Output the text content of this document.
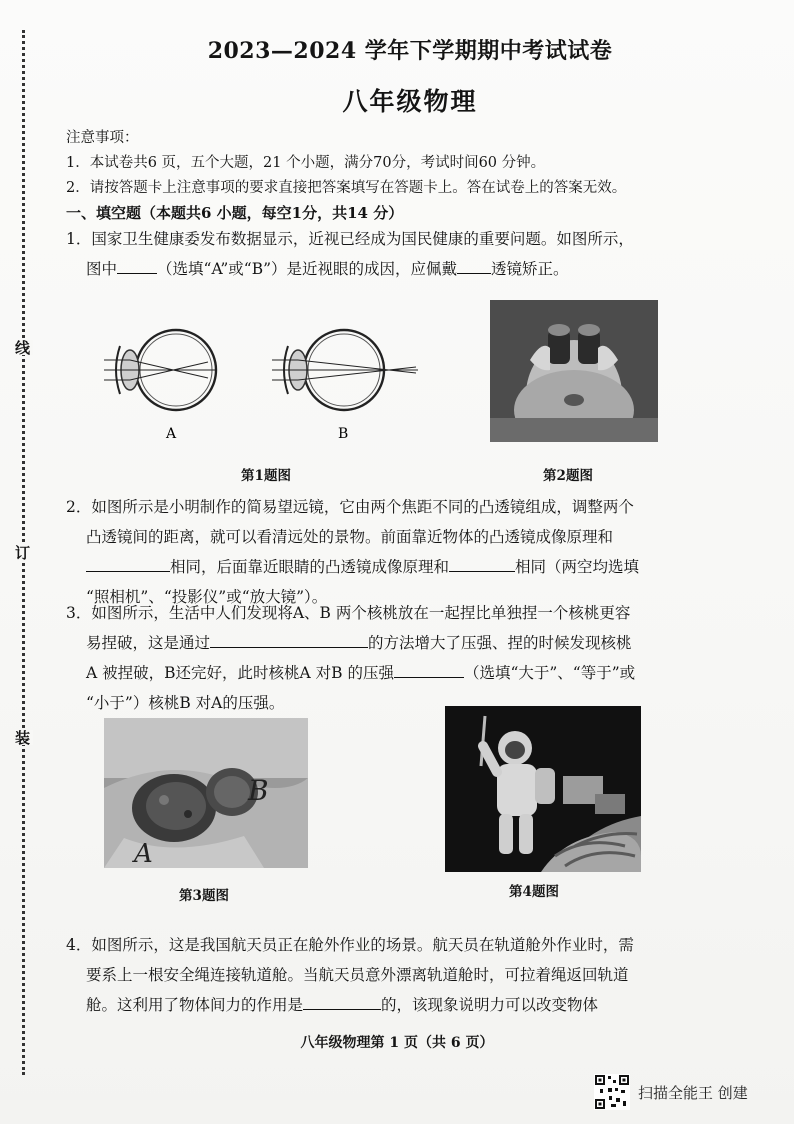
线
订
装
2023—2024 学年下学期期中考试试卷
八年级物理
注意事项：
1．本试卷共6 页，五个大题，21 个小题，满分70分，考试时间60 分钟。
2．请按答题卡上注意事项的要求直接把答案填写在答题卡上。答在试卷上的答案无效。
一、填空题（本题共6 小题，每空1分，共14 分）
1．国家卫生健康委发布数据显示，近视已经成为国民健康的重要问题。如图所示，
图中	（选填“A”或“B”）是近视眼的成因，应佩戴 透镜矫正。
A	B
第1题图	第2题图
2．如图所示是小明制作的简易望远镜，它由两个焦距不同的凸透镜组成，调整两个
凸透镜间的距离，就可以看清远处的景物。前面靠近物体的凸透镜成像原理和
相同，后面靠近眼睛的凸透镜成像原理和	相同（两空均选填
“照相机”、“投影仪”或“放大镜”）。
3．如图所示，生活中人们发现将A、B 两个核桃放在一起捏比单独捏一个核桃更容
易捏破，这是通过	的方法增大了压强、捏的时候发现核桃
A 被捏破，B还完好，此时核桃A 对B 的压强	（选填“大于”、“等于”或
“小于”）核桃B 对A的压强。
B
A
第3题图	第4题图
4．如图所示，这是我国航天员正在舱外作业的场景。航天员在轨道舱外作业时，需
要系上一根安全绳连接轨道舱。当航天员意外漂离轨道舱时，可拉着绳返回轨道
舱。这利用了物体间力的作用是	的，该现象说明力可以改变物体
八年级物理第 1 页（共 6 页）
扫描全能王 创建
